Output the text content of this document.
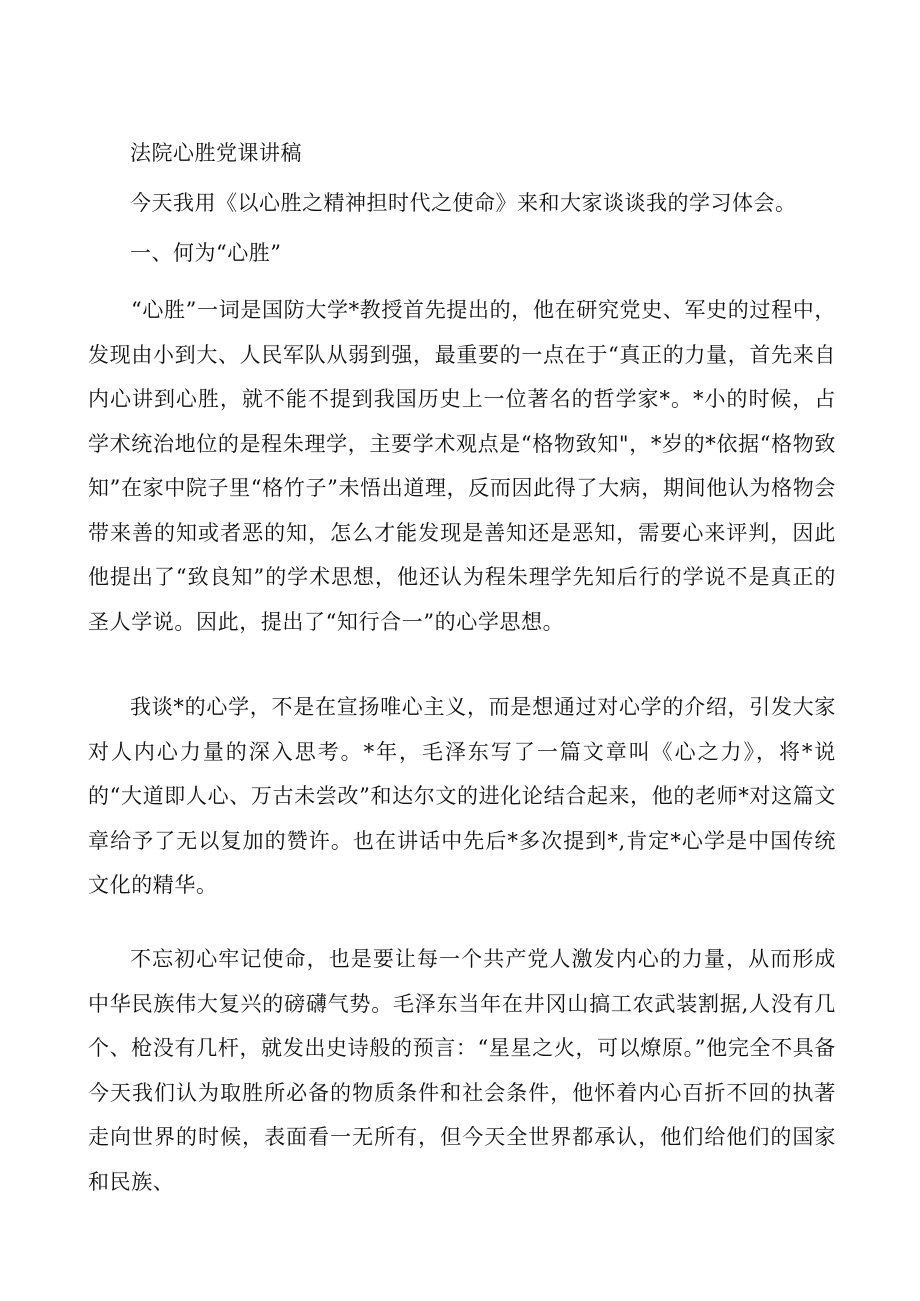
法院心胜党课讲稿
今天我用《以心胜之精神担时代之使命》来和大家谈谈我的学习体会。
一、何为“心胜”
“心胜”一词是国防大学*教授首先提出的，他在研究党史、军史的过程中，发现由小到大、人民军队从弱到强，最重要的一点在于“真正的力量，首先来自内心讲到心胜，就不能不提到我国历史上一位著名的哲学家*。*小的时候，占学术统治地位的是程朱理学，主要学术观点是“格物致知"，*岁的*依据“格物致知”在家中院子里“格竹子”未悟出道理，反而因此得了大病，期间他认为格物会带来善的知或者恶的知，怎么才能发现是善知还是恶知，需要心来评判，因此他提出了“致良知”的学术思想，他还认为程朱理学先知后行的学说不是真正的圣人学说。因此，提出了“知行合一”的心学思想。
我谈*的心学，不是在宣扬唯心主义，而是想通过对心学的介绍，引发大家对人内心力量的深入思考。*年，毛泽东写了一篇文章叫《心之力》，将*说的“大道即人心、万古未尝改”和达尔文的进化论结合起来，他的老师*对这篇文章给予了无以复加的赞许。也在讲话中先后*多次提到*,肯定*心学是中国传统文化的精华。
不忘初心牢记使命，也是要让每一个共产党人激发内心的力量，从而形成中华民族伟大复兴的磅礴气势。毛泽东当年在井冈山搞工农武装割据,人没有几个、枪没有几杆，就发出史诗般的预言：“星星之火，可以燎原。”他完全不具备今天我们认为取胜所必备的物质条件和社会条件，他怀着内心百折不回的执著走向世界的时候，表面看一无所有，但今天全世界都承认，他们给他们的国家和民族、
